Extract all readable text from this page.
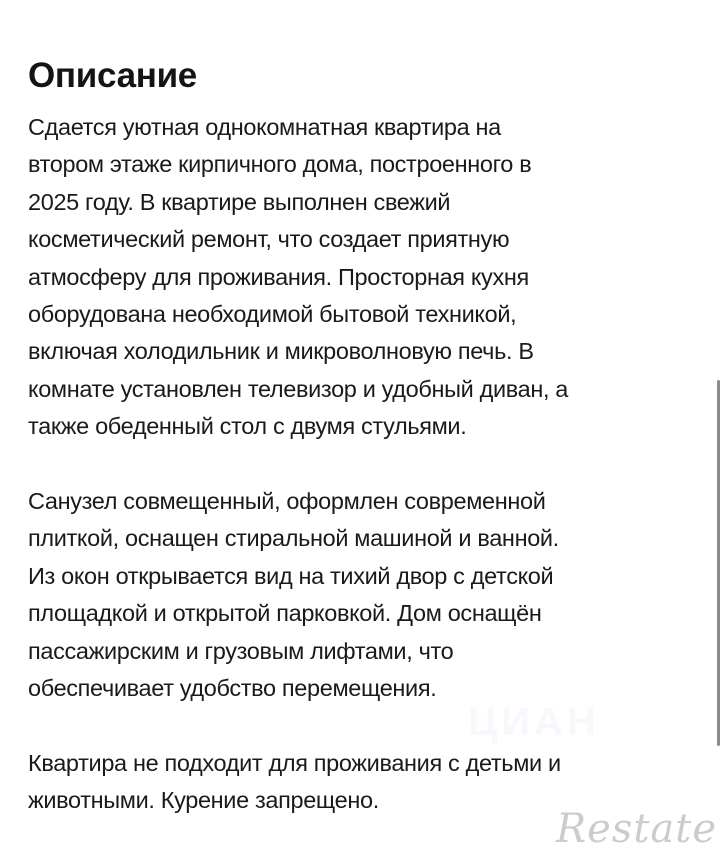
Описание

Сдается уютная однокомнатная квартира на
втором этаже кирпичного дома, построенного в
2025 году. В квартире выполнен свежий
косметический ремонт, что создает приятную
атмосферу для проживания. Просторная кухня
оборудована необходимой бытовой техникой,
включая холодильник и микроволновую печь. В
комнате установлен телевизор и удобный диван, а
также обеденный стол с двумя стульями.

Санузел совмещенный, оформлен современной
плиткой, оснащен стиральной машиной и ванной.
Из окон открывается вид на тихий двор с детской
площадкой и открытой парковкой. Дом оснащён
пассажирским и грузовым лифтами, что
обеспечивает удобство перемещения.

Квартира не подходит для проживания с детьми и
животными. Курение запрещено.

ЦИАН
Restate
